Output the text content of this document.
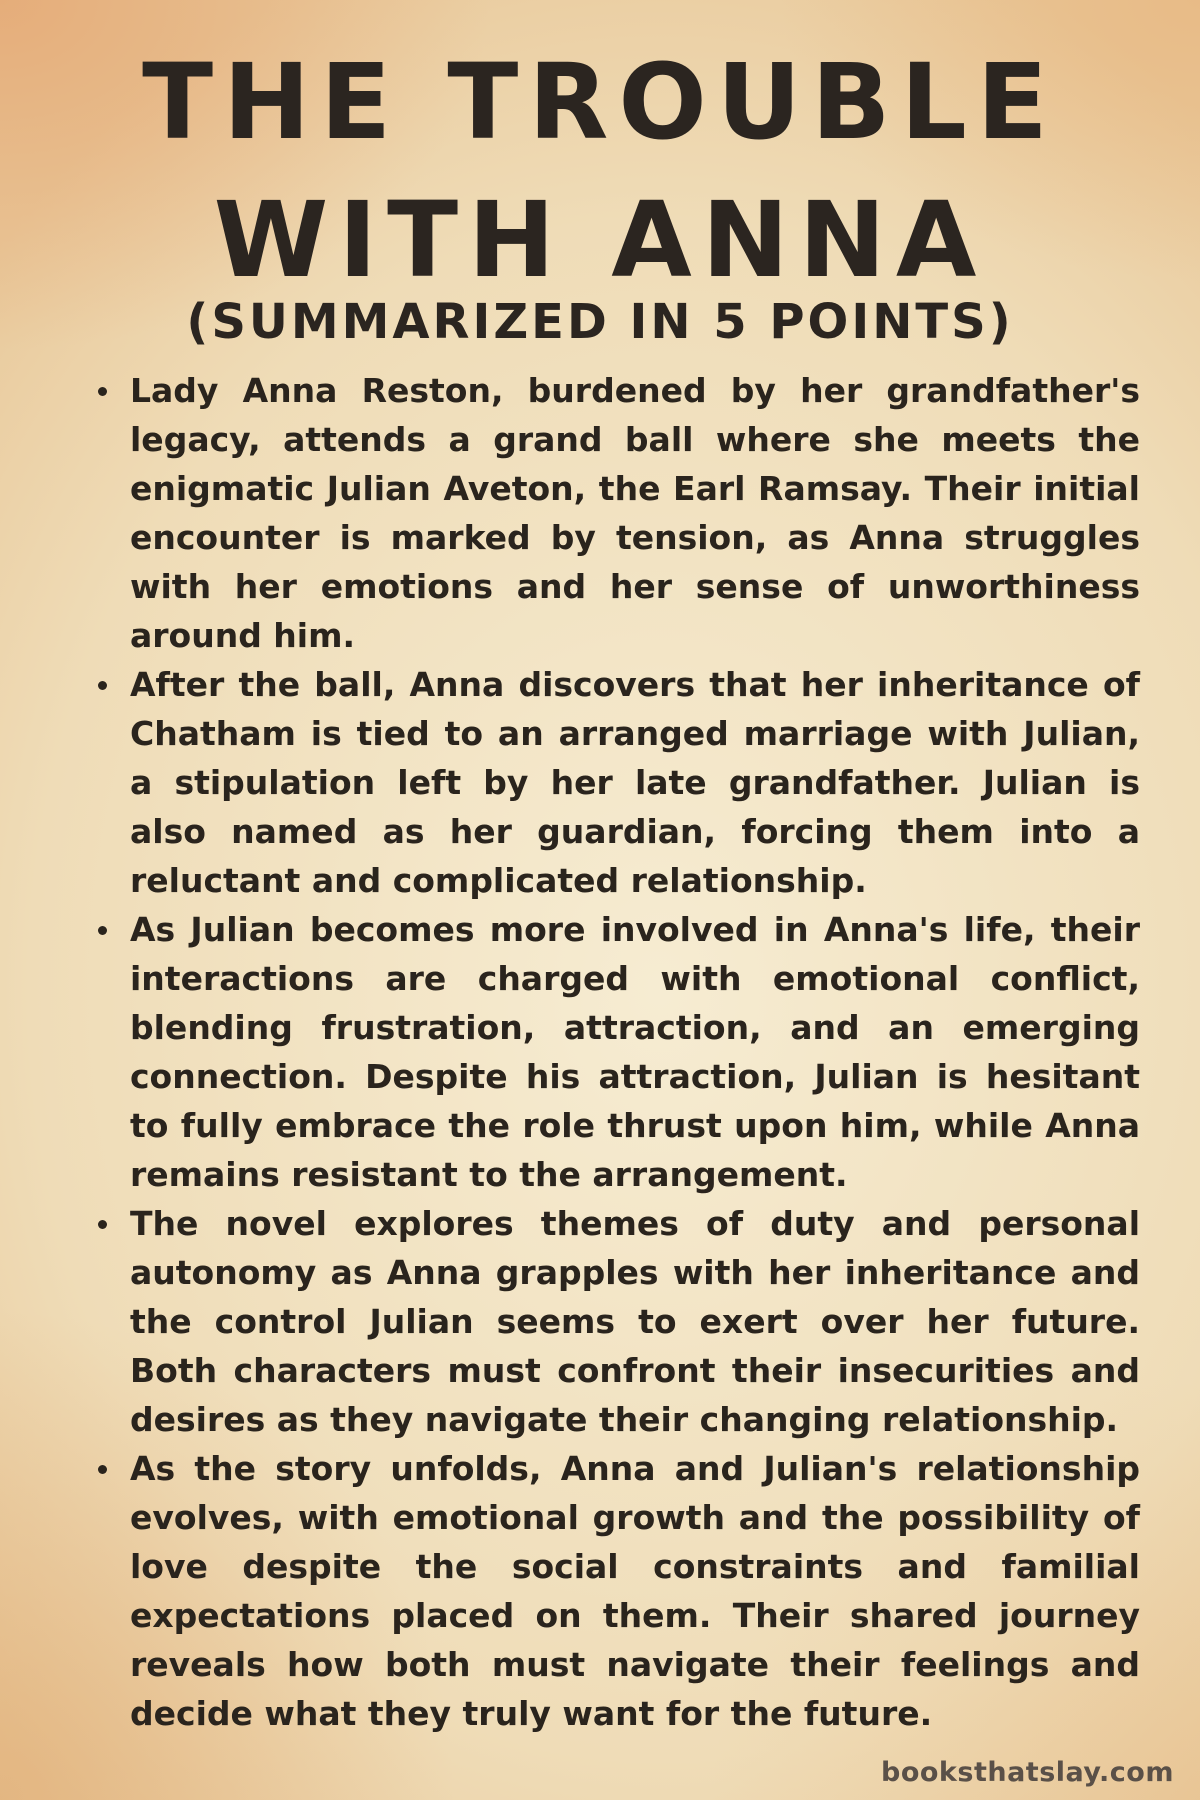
THE TROUBLE
WITH ANNA
(SUMMARIZED IN 5 POINTS)
Lady Anna Reston, burdened by her grandfather's legacy, attends a grand ball where she meets the enigmatic Julian Aveton, the Earl Ramsay. Their initial encounter is marked by tension, as Anna struggles with her emotions and her sense of unworthiness around him.
After the ball, Anna discovers that her inheritance of Chatham is tied to an arranged marriage with Julian, a stipulation left by her late grandfather. Julian is also named as her guardian, forcing them into a reluctant and complicated relationship.
As Julian becomes more involved in Anna's life, their interactions are charged with emotional conflict, blending frustration, attraction, and an emerging connection. Despite his attraction, Julian is hesitant to fully embrace the role thrust upon him, while Anna remains resistant to the arrangement.
The novel explores themes of duty and personal autonomy as Anna grapples with her inheritance and the control Julian seems to exert over her future. Both characters must confront their insecurities and desires as they navigate their changing relationship.
As the story unfolds, Anna and Julian's relationship evolves, with emotional growth and the possibility of love despite the social constraints and familial expectations placed on them. Their shared journey reveals how both must navigate their feelings and decide what they truly want for the future.
booksthatslay.com
